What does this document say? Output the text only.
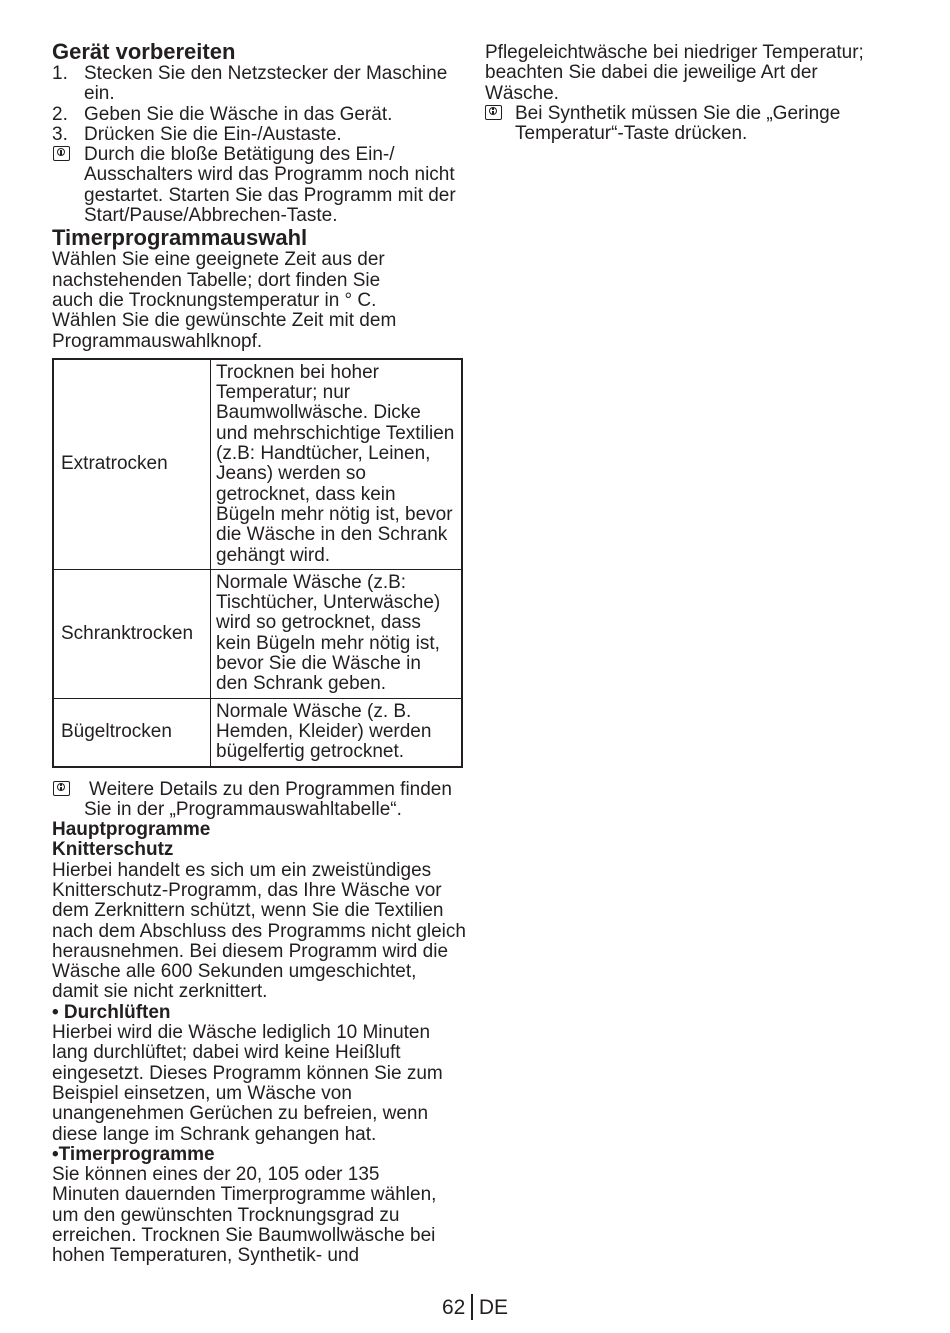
Gerät vorbereiten
1. Stecken Sie den Netzstecker der Maschine ein.
2. Geben Sie die Wäsche in das Gerät.
3. Drücken Sie die Ein-/Austaste.
Durch die bloße Betätigung des Ein-/ Ausschalters wird das Programm noch nicht gestartet. Starten Sie das Programm mit der Start/Pause/Abbrechen-Taste.
Timerprogrammauswahl

Wählen Sie eine geeignete Zeit aus der nachstehenden Tabelle; dort finden Sie auch die Trocknungstemperatur in ° C. Wählen Sie die gewünschte Zeit mit dem Programmauswahlknopf.

Extratrocken	Trocknen bei hoher Temperatur; nur Baumwollwäsche. Dicke und mehrschichtige Textilien (z.B: Handtücher, Leinen, Jeans) werden so getrocknet, dass kein Bügeln mehr nötig ist, bevor die Wäsche in den Schrank gehängt wird.
Schranktrocken	Normale Wäsche (z.B: Tischtücher, Unterwäsche) wird so getrocknet, dass kein Bügeln mehr nötig ist, bevor Sie die Wäsche in den Schrank geben.
Bügeltrocken	Normale Wäsche (z. B. Hemden, Kleider) werden bügelfertig getrocknet.
Weitere Details zu den Programmen finden Sie in der „Programmauswahltabelle“.
Hauptprogramme
Knitterschutz

Hierbei handelt es sich um ein zweistündiges Knitterschutz-Programm, das Ihre Wäsche vor dem Zerknittern schützt, wenn Sie die Textilien nach dem Abschluss des Programms nicht gleich herausnehmen. Bei diesem Programm wird die Wäsche alle 600 Sekunden umgeschichtet, damit sie nicht zerknittert.

• Durchlüften

Hierbei wird die Wäsche lediglich 10 Minuten lang durchlüftet; dabei wird keine Heißluft eingesetzt. Dieses Programm können Sie zum Beispiel einsetzen, um Wäsche von unangenehmen Gerüchen zu befreien, wenn diese lange im Schrank gehangen hat.

•Timerprogramme

Sie können eines der 20, 105 oder 135 Minuten dauernden Timerprogramme wählen, um den gewünschten Trocknungsgrad zu erreichen. Trocknen Sie Baumwollwäsche bei hohen Temperaturen, Synthetik- und

Pflegeleichtwäsche bei niedriger Temperatur; beachten Sie dabei die jeweilige Art der Wäsche.

Bei Synthetik müssen Sie die „Geringe Temperatur“-Taste drücken.
62 DE
